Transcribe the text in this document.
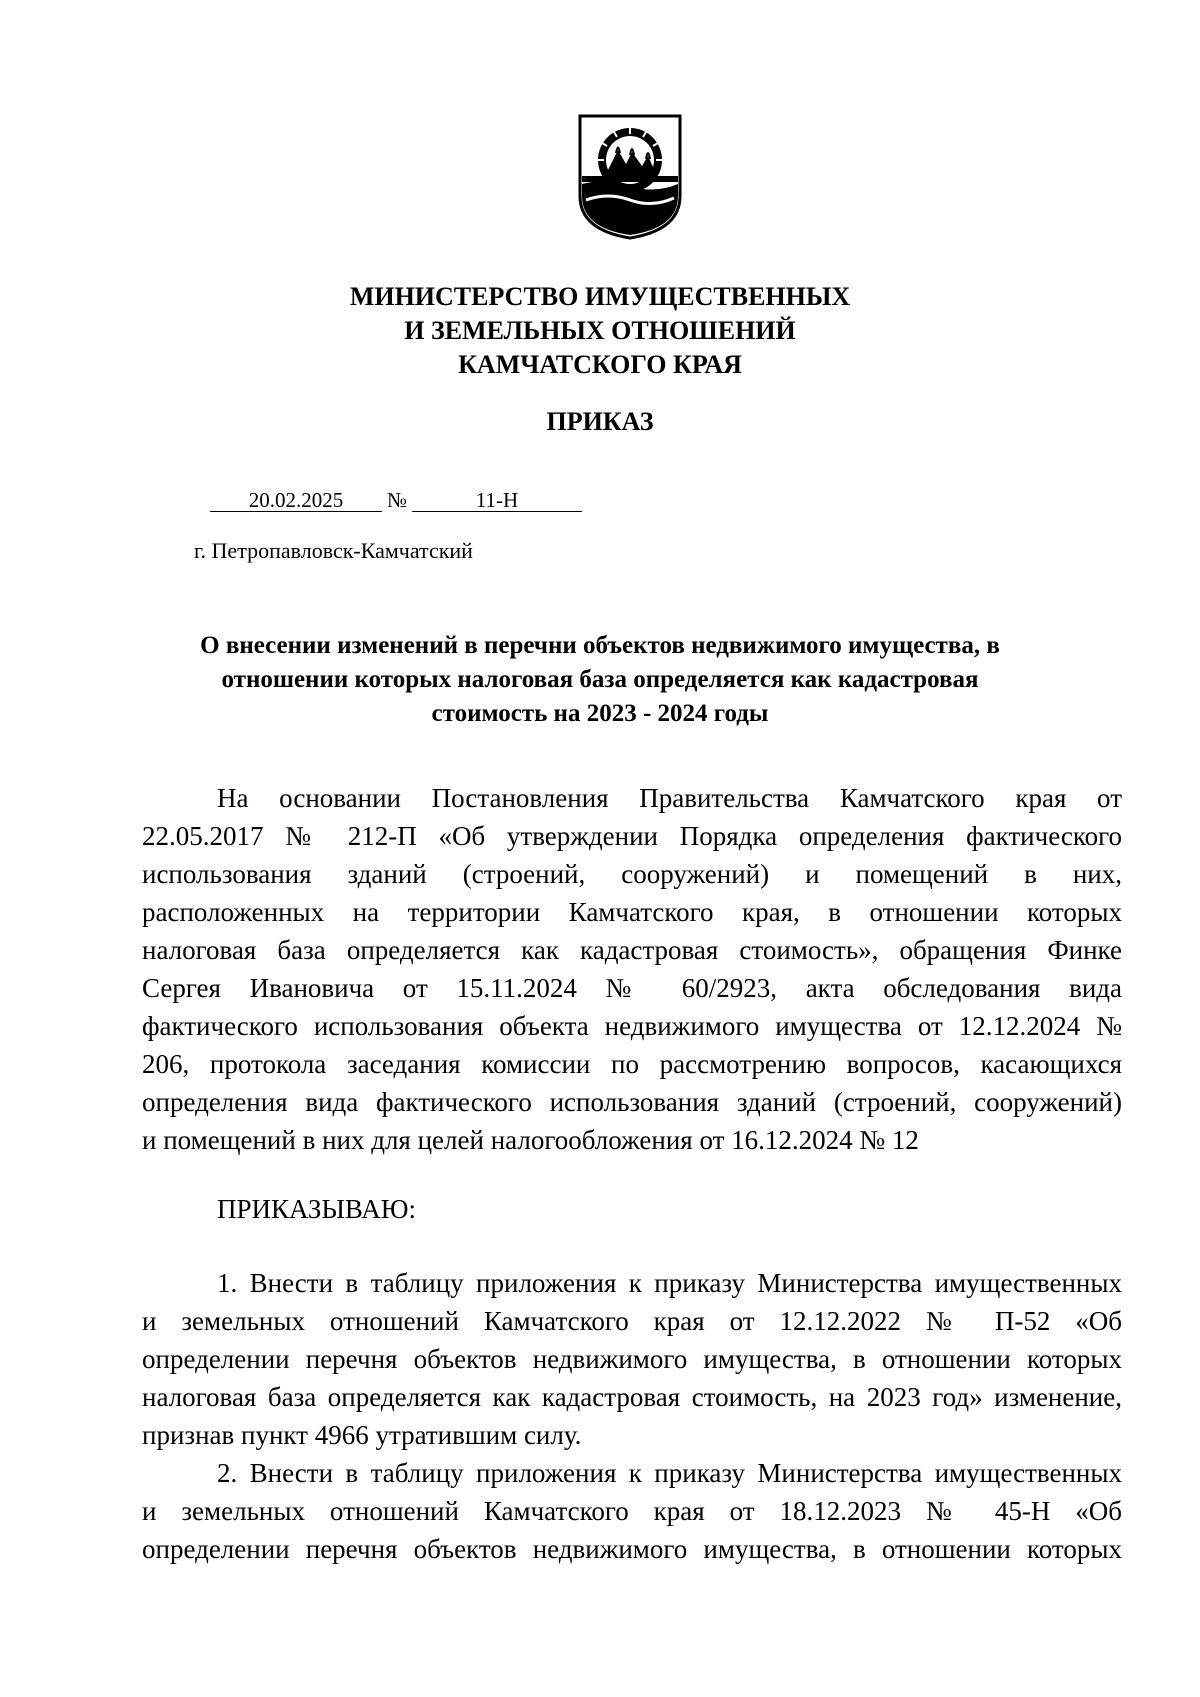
МИНИСТЕРСТВО ИМУЩЕСТВЕННЫХ
И ЗЕМЕЛЬНЫХ ОТНОШЕНИЙ
КАМЧАТСКОГО КРАЯ
ПРИКАЗ
20.02.2025 №	11-Н
г. Петропавловск-Камчатский
О внесении изменений в перечни объектов недвижимого имущества, в
отношении которых налоговая база определяется как кадастровая
стоимость на 2023 - 2024 годы
На основании Постановления Правительства Камчатского края от
22.05.2017 № 212-П «Об утверждении Порядка определения фактического
использования зданий (строений, сооружений) и помещений в них,
расположенных на территории Камчатского края, в отношении которых
налоговая база определяется как кадастровая стоимость», обращения Финке
Сергея Ивановича от 15.11.2024 № 60/2923, акта обследования вида
фактического использования объекта недвижимого имущества от 12.12.2024 №
206, протокола заседания комиссии по рассмотрению вопросов, касающихся
определения вида фактического использования зданий (строений, сооружений)
и помещений в них для целей налогообложения от 16.12.2024 № 12
ПРИКАЗЫВАЮ:
1. Внести в таблицу приложения к приказу Министерства имущественных
и земельных отношений Камчатского края от 12.12.2022 № П-52 «Об
определении перечня объектов недвижимого имущества, в отношении которых
налоговая база определяется как кадастровая стоимость, на 2023 год» изменение,
признав пункт 4966 утратившим силу.
2. Внести в таблицу приложения к приказу Министерства имущественных
и земельных отношений Камчатского края от 18.12.2023 № 45-Н «Об
определении перечня объектов недвижимого имущества, в отношении которых
